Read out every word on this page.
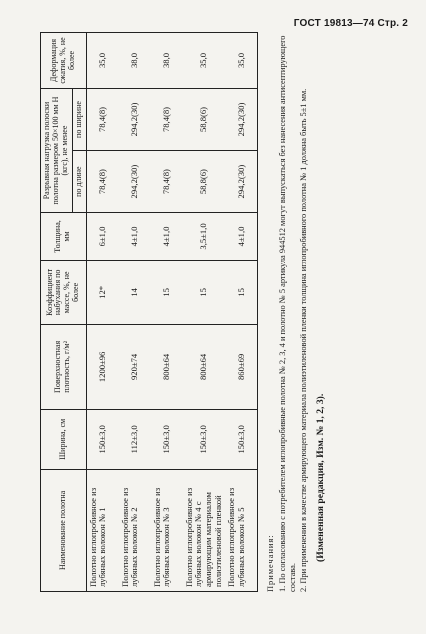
ГОСТ 19813—74 Стр. 2
Наименование полотна	Ширина, см	Поверхностная плотность, г/м²	Коэффициент набухания по массе, %, не более	Толщина, мм	Разрывная нагрузка полоски полотна размером 50×100 мм Н (кгс), не менее		Деформация сжатия, %, не более
					по длине	по ширине	
Полотно иглопробивное из лубяных волокон № 1	150±3,0	1200±96	12*	6±1,0	78,4(8)	78,4(8)	35,0
Полотно иглопробивное из лубяных волокон № 2	112±3,0	920±74	14	4±1,0	294,2(30)	294,2(30)	38,0
Полотно иглопробивное из лубяных волокон № 3	150±3,0	800±64	15	4±1,0	78,4(8)	78,4(8)	38,0
Полотно иглопробивное из лубяных волокон № 4 с армирующим материалом полиэтиленовой пленкой	150±3,0	800±64	15	3,5±1,0	58,8(6)	58,8(6)	35,0
Полотно иглопробивное из лубяных волокон № 5	150±3,0	860±69	15	4±1,0	294,2(30)	294,2(30)	35,0
Примечания: 1. По согласованию с потребителем иглопробивные полотна № 2, 3, 4 и полотно № 5 артикула 944512 могут выпускаться без нанесения антисептирующего состава. 2. При применении в качестве армирующего материала полиэтиленовой пленки толщина иглопробивного полотна № 1 должна быть 5±1 мм. (Измененная редакция, Изм. № 1, 2, 3).
